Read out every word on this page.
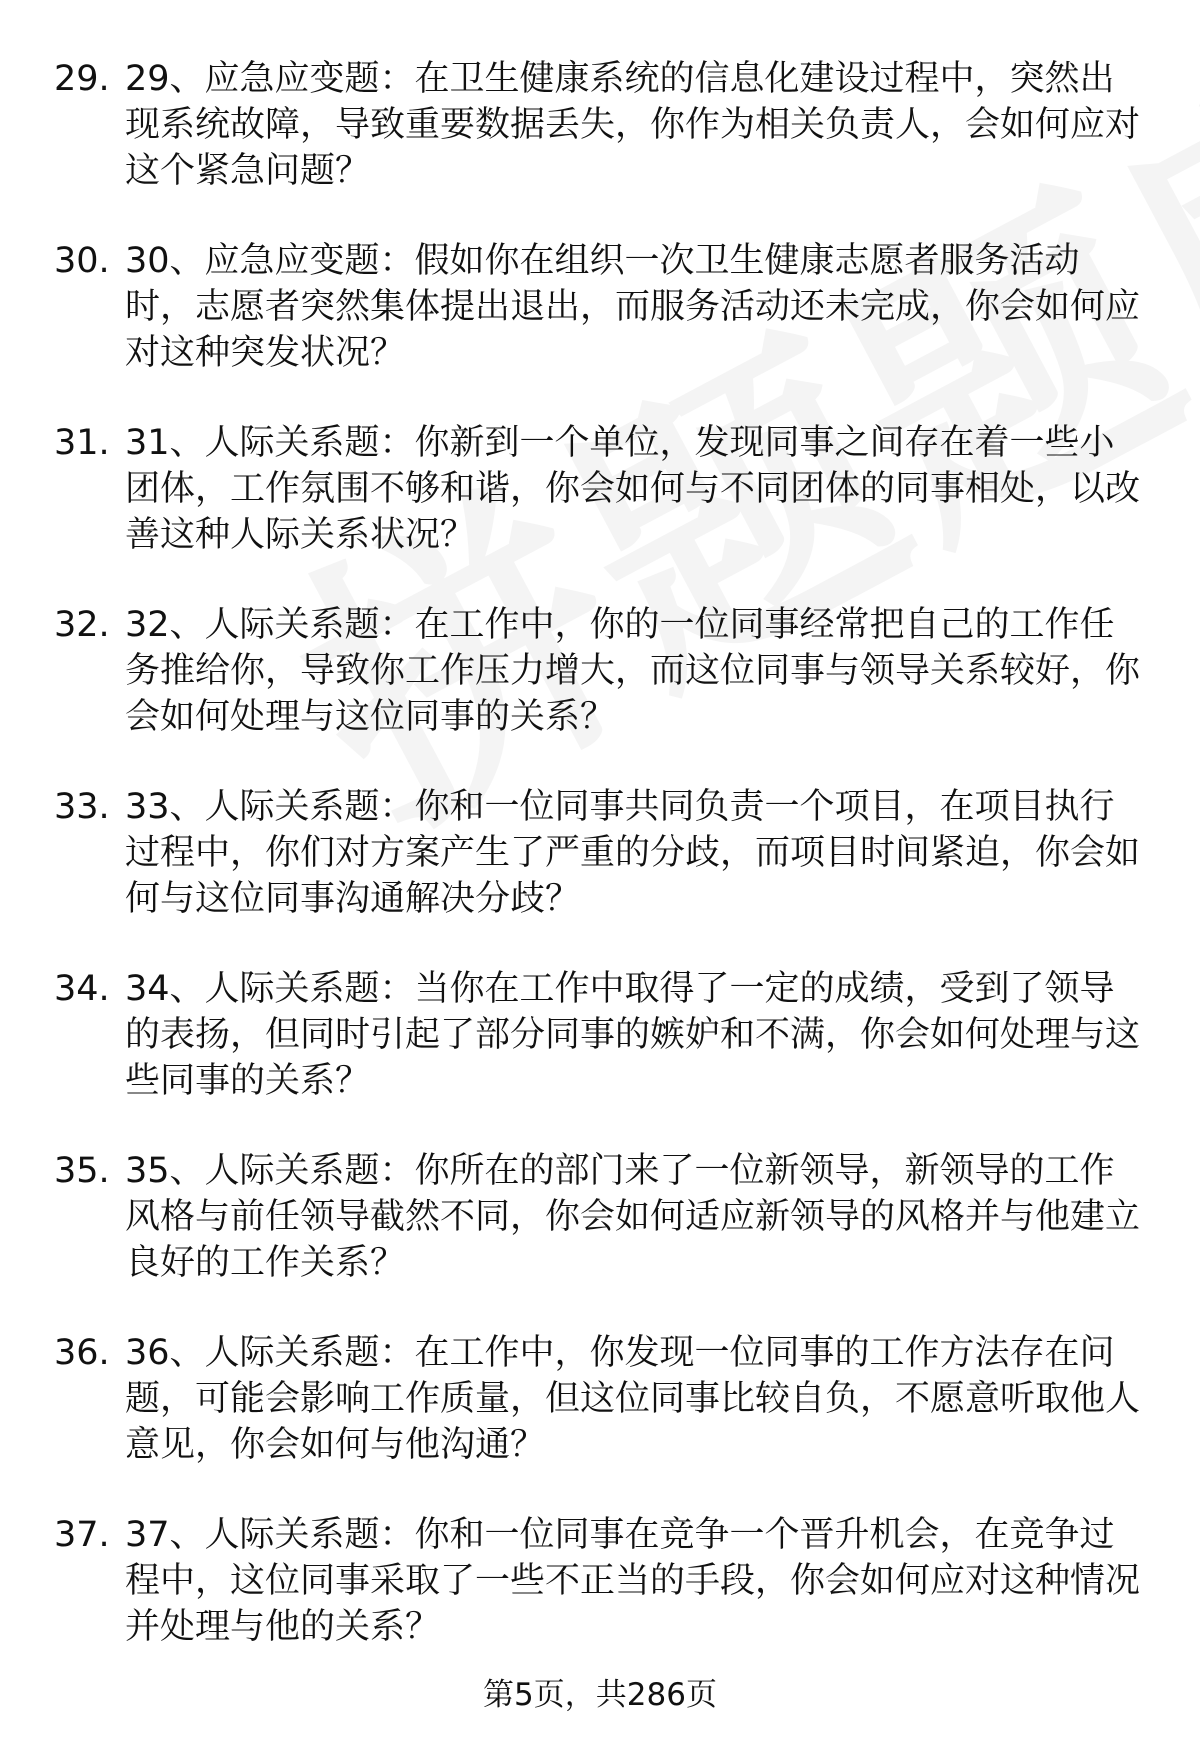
29. 29、应急应变题：在卫生健康系统的信息化建设过程中，突然出现系统故障，导致重要数据丢失，你作为相关负责人，会如何应对这个紧急问题？
30. 30、应急应变题：假如你在组织一次卫生健康志愿者服务活动时，志愿者突然集体提出退出，而服务活动还未完成，你会如何应对这种突发状况？
31. 31、人际关系题：你新到一个单位，发现同事之间存在着一些小团体，工作氛围不够和谐，你会如何与不同团体的同事相处，以改善这种人际关系状况？
32. 32、人际关系题：在工作中，你的一位同事经常把自己的工作任务推给你，导致你工作压力增大，而这位同事与领导关系较好，你会如何处理与这位同事的关系？
33. 33、人际关系题：你和一位同事共同负责一个项目，在项目执行过程中，你们对方案产生了严重的分歧，而项目时间紧迫，你会如何与这位同事沟通解决分歧？
34. 34、人际关系题：当你在工作中取得了一定的成绩，受到了领导的表扬，但同时引起了部分同事的嫉妒和不满，你会如何处理与这些同事的关系？
35. 35、人际关系题：你所在的部门来了一位新领导，新领导的工作风格与前任领导截然不同，你会如何适应新领导的风格并与他建立良好的工作关系？
36. 36、人际关系题：在工作中，你发现一位同事的工作方法存在问题，可能会影响工作质量，但这位同事比较自负，不愿意听取他人意见，你会如何与他沟通？
37. 37、人际关系题：你和一位同事在竞争一个晋升机会，在竞争过程中，这位同事采取了一些不正当的手段，你会如何应对这种情况并处理与他的关系？
第5页，共286页
